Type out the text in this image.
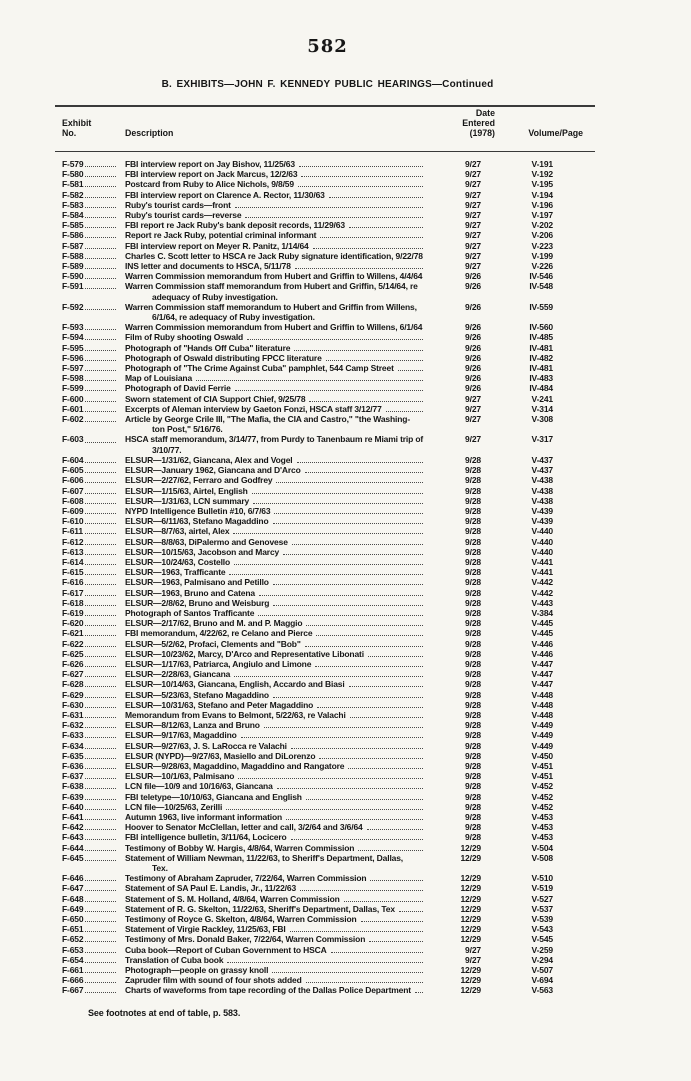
582
B. EXHIBITS—JOHN F. KENNEDY PUBLIC HEARINGS—Continued
Exhibit
No.	Description
Date
Entered
(1978)	Volume/Page
F-579	FBI interview report on Jay Bishov, 11/25/63	9/27	V-191
F-580	FBI interview report on Jack Marcus, 12/2/63	9/27	V-192
F-581	Postcard from Ruby to Alice Nichols, 9/8/59	9/27	V-195
F-582	FBI interview report on Clarence A. Rector, 11/30/63	9/27	V-194
F-583	Ruby's tourist cards—front	9/27	V-196
F-584	Ruby's tourist cards—reverse	9/27	V-197
F-585	FBI report re Jack Ruby's bank deposit records, 11/29/63	9/27	V-202
F-586	Report re Jack Ruby, potential criminal informant	9/27	V-206
F-587	FBI interview report on Meyer R. Panitz, 1/14/64	9/27	V-223
F-588	Charles C. Scott letter to HSCA re Jack Ruby signature identification, 9/22/78	9/27	V-199
F-589	INS letter and documents to HSCA, 5/11/78	9/27	V-226
F-590	Warren Commission memorandum from Hubert and Griffin to Willens, 4/4/64	9/26	IV-546
F-591	Warren Commission staff memorandum from Hubert and Griffin, 5/14/64, re
adequacy of Ruby investigation.
9/26	IV-548
F-592	Warren Commission staff memorandum to Hubert and Griffin from Willens,
6/1/64, re adequacy of Ruby investigation.
9/26	IV-559
F-593	Warren Commission memorandum from Hubert and Griffin to Willens, 6/1/64	9/26	IV-560
F-594	Film of Ruby shooting Oswald	9/26	IV-485
F-595	Photograph of "Hands Off Cuba" literature	9/26	IV-481
F-596	Photograph of Oswald distributing FPCC literature	9/26	IV-482
F-597	Photograph of "The Crime Against Cuba" pamphlet, 544 Camp Street	9/26	IV-481
F-598	Map of Louisiana	9/26	IV-483
F-599	Photograph of David Ferrie	9/26	IV-484
F-600	Sworn statement of CIA Support Chief, 9/25/78	9/27	V-241
F-601	Excerpts of Aleman interview by Gaeton Fonzi, HSCA staff 3/12/77	9/27	V-314
F-602	Article by George Crile III, "The Mafia, the CIA and Castro," "the Washing-
ton Post," 5/16/76.
9/27	V-308
F-603	HSCA staff memorandum, 3/14/77, from Purdy to Tanenbaum re Miami trip of
3/10/77.
9/27	V-317
F-604	ELSUR—1/31/62, Giancana, Alex and Vogel	9/28	V-437
F-605	ELSUR—January 1962, Giancana and D'Arco	9/28	V-437
F-606	ELSUR—2/27/62, Ferraro and Godfrey	9/28	V-438
F-607	ELSUR—1/15/63, Airtel, English	9/28	V-438
F-608	ELSUR—1/31/63, LCN summary	9/28	V-438
F-609	NYPD Intelligence Bulletin #10, 6/7/63	9/28	V-439
F-610	ELSUR—6/11/63, Stefano Magaddino	9/28	V-439
F-611	ELSUR—8/7/63, airtel, Alex	9/28	V-440
F-612	ELSUR—8/8/63, DiPalermo and Genovese	9/28	V-440
F-613	ELSUR—10/15/63, Jacobson and Marcy	9/28	V-440
F-614	ELSUR—10/24/63, Costello	9/28	V-441
F-615	ELSUR—1963, Trafficante	9/28	V-441
F-616	ELSUR—1963, Palmisano and Petillo	9/28	V-442
F-617	ELSUR—1963, Bruno and Catena	9/28	V-442
F-618	ELSUR—2/8/62, Bruno and Weisburg	9/28	V-443
F-619	Photograph of Santos Trafficante	9/28	V-384
F-620	ELSUR—2/17/62, Bruno and M. and P. Maggio	9/28	V-445
F-621	FBI memorandum, 4/22/62, re Celano and Pierce	9/28	V-445
F-622	ELSUR—5/2/62, Profaci, Clements and "Bob"	9/28	V-446
F-625	ELSUR—10/23/62, Marcy, D'Arco and Representative Libonati	9/28	V-446
F-626	ELSUR—1/17/63, Patriarca, Angiulo and Limone	9/28	V-447
F-627	ELSUR—2/28/63, Giancana	9/28	V-447
F-628	ELSUR—10/14/63, Giancana, English, Accardo and Biasi	9/28	V-447
F-629	ELSUR—5/23/63, Stefano Magaddino	9/28	V-448
F-630	ELSUR—10/31/63, Stefano and Peter Magaddino	9/28	V-448
F-631	Memorandum from Evans to Belmont, 5/22/63, re Valachi	9/28	V-448
F-632	ELSUR—8/12/63, Lanza and Bruno	9/28	V-449
F-633	ELSUR—9/17/63, Magaddino	9/28	V-449
F-634	ELSUR—9/27/63, J. S. LaRocca re Valachi	9/28	V-449
F-635	ELSUR (NYPD)—9/27/63, Masiello and DiLorenzo	9/28	V-450
F-636	ELSUR—9/28/63, Magaddino, Magaddino and Rangatore	9/28	V-451
F-637	ELSUR—10/1/63, Palmisano	9/28	V-451
F-638	LCN file—10/9 and 10/16/63, Giancana	9/28	V-452
F-639	FBI teletype—10/10/63, Giancana and English	9/28	V-452
F-640	LCN file—10/25/63, Zerilli	9/28	V-452
F-641	Autumn 1963, live informant information	9/28	V-453
F-642	Hoover to Senator McClellan, letter and call, 3/2/64 and 3/6/64	9/28	V-453
F-643	FBI intelligence bulletin, 3/11/64, Locicero	9/28	V-453
F-644	Testimony of Bobby W. Hargis, 4/8/64, Warren Commission	12/29	V-504
F-645	Statement of William Newman, 11/22/63, to Sheriff's Department, Dallas,
Tex.
12/29	V-508
F-646	Testimony of Abraham Zapruder, 7/22/64, Warren Commission	12/29	V-510
F-647	Statement of SA Paul E. Landis, Jr., 11/22/63	12/29	V-519
F-648	Statement of S. M. Holland, 4/8/64, Warren Commission	12/29	V-527
F-649	Statement of R. G. Skelton, 11/22/63, Sheriff's Department, Dallas, Tex	12/29	V-537
F-650	Testimony of Royce G. Skelton, 4/8/64, Warren Commission	12/29	V-539
F-651	Statement of Virgie Rackley, 11/25/63, FBI	12/29	V-543
F-652	Testimony of Mrs. Donald Baker, 7/22/64, Warren Commission	12/29	V-545
F-653	Cuba book—Report of Cuban Government to HSCA	9/27	V-259
F-654	Translation of Cuba book	9/27	V-294
F-661	Photograph—people on grassy knoll	12/29	V-507
F-666	Zapruder film with sound of four shots added	12/29	V-694
F-667	Charts of waveforms from tape recording of the Dallas Police Department	12/29	V-563
See footnotes at end of table, p. 583.
